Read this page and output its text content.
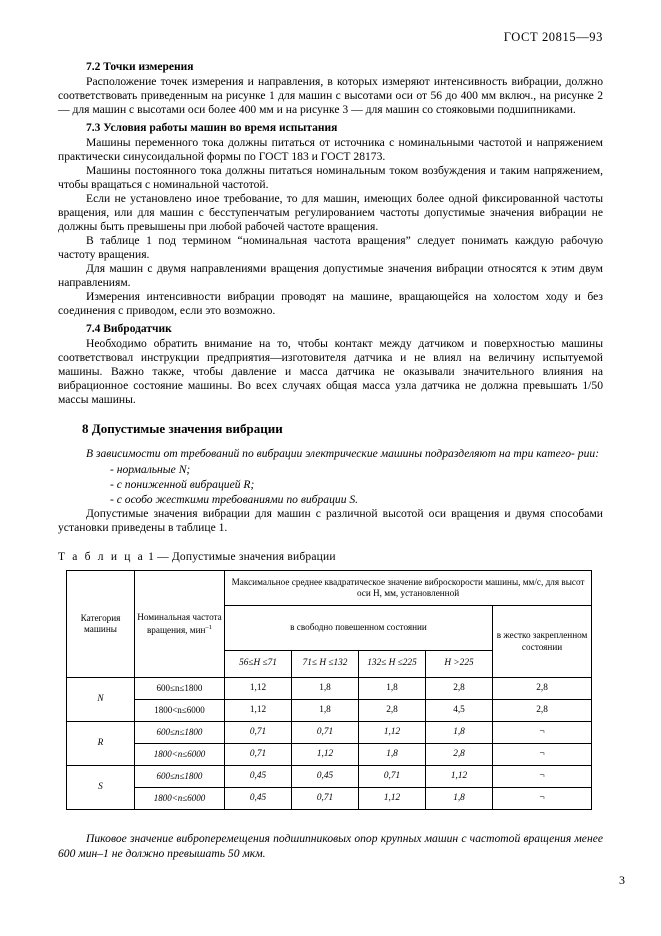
ГОСТ 20815—93
7.2 Точки измерения

Расположение точек измерения и направления, в которых измеряют интенсивность вибрации, должно соответствовать приведенным на рисунке 1 для машин с высотами оси от 56 до 400 мм включ., на рисунке 2 — для машин с высотами оси более 400 мм и на рисунке 3 — для машин со стояковыми подшипниками.

7.3 Условия работы машин во время испытания

Машины переменного тока должны питаться от источника с номинальными частотой и напряжением практически синусоидальной формы по ГОСТ 183 и ГОСТ 28173.

Машины постоянного тока должны питаться номинальным током возбуждения и таким напряжением, чтобы вращаться с номинальной частотой.

Если не установлено иное требование, то для машин, имеющих более одной фиксированной частоты вращения, или для машин с бесступенчатым регулированием частоты допустимые значения вибрации не должны быть превышены при любой рабочей частоте вращения.

В таблице 1 под термином “номинальная частота вращения” следует понимать каждую рабочую частоту вращения.

Для машин с двумя направлениями вращения допустимые значения вибрации относятся к этим двум направлениям.

Измерения интенсивности вибрации проводят на машине, вращающейся на холостом ходу и без соединения с приводом, если это возможно.

7.4 Вибродатчик

Необходимо обратить внимание на то, чтобы контакт между датчиком и поверхностью машины соответствовал инструкции предприятия—изготовителя датчика и не влиял на величину испытуемой машины. Важно также, чтобы давление и масса датчика не оказывали значительного влияния на вибрационное состояние машины. Во всех случаях общая масса узла датчика не должна превышать 1/50 массы машины.

8 Допустимые значения вибрации

В зависимости от требований по вибрации электрические машины подразделяют на три катего- рии:

- нормальные N;
- с пониженной вибрацией R;
- с особо жесткими требованиями по вибрации S.

Допустимые значения вибрации для машин с различной высотой оси вращения и двумя способами установки приведены в таблице 1.

Т а б л и ц а 1 — Допустимые значения вибрации
Категория машины	Номинальная частота вращения, мин$^{-1}$	Максимальное среднее квадратическое значение виброскорости машины, мм/с, для высот оси H, мм, установленной				
		в свободно повешенном состоянии				в жестко закрепленном состоянии
		56≤H ≤71	71≤ H ≤132	132≤ H ≤225	H >225	
N	600≤n≤1800	1,12	1,8	1,8	2,8	2,8
	1800<n≤6000	1,12	1,8	2,8	4,5	2,8
R	600≤n≤1800	0,71	0,71	1,12	1,8	¬
	1800<n≤6000	0,71	1,12	1,8	2,8	¬
S	600≤n≤1800	0,45	0,45	0,71	1,12	¬
	1800<n≤6000	0,45	0,71	1,12	1,8	¬
Пиковое значение виброперемещения подшипниковых опор крупных машин с частотой вращения менее 600 мин–1 не должно превышать 50 мкм.
3
